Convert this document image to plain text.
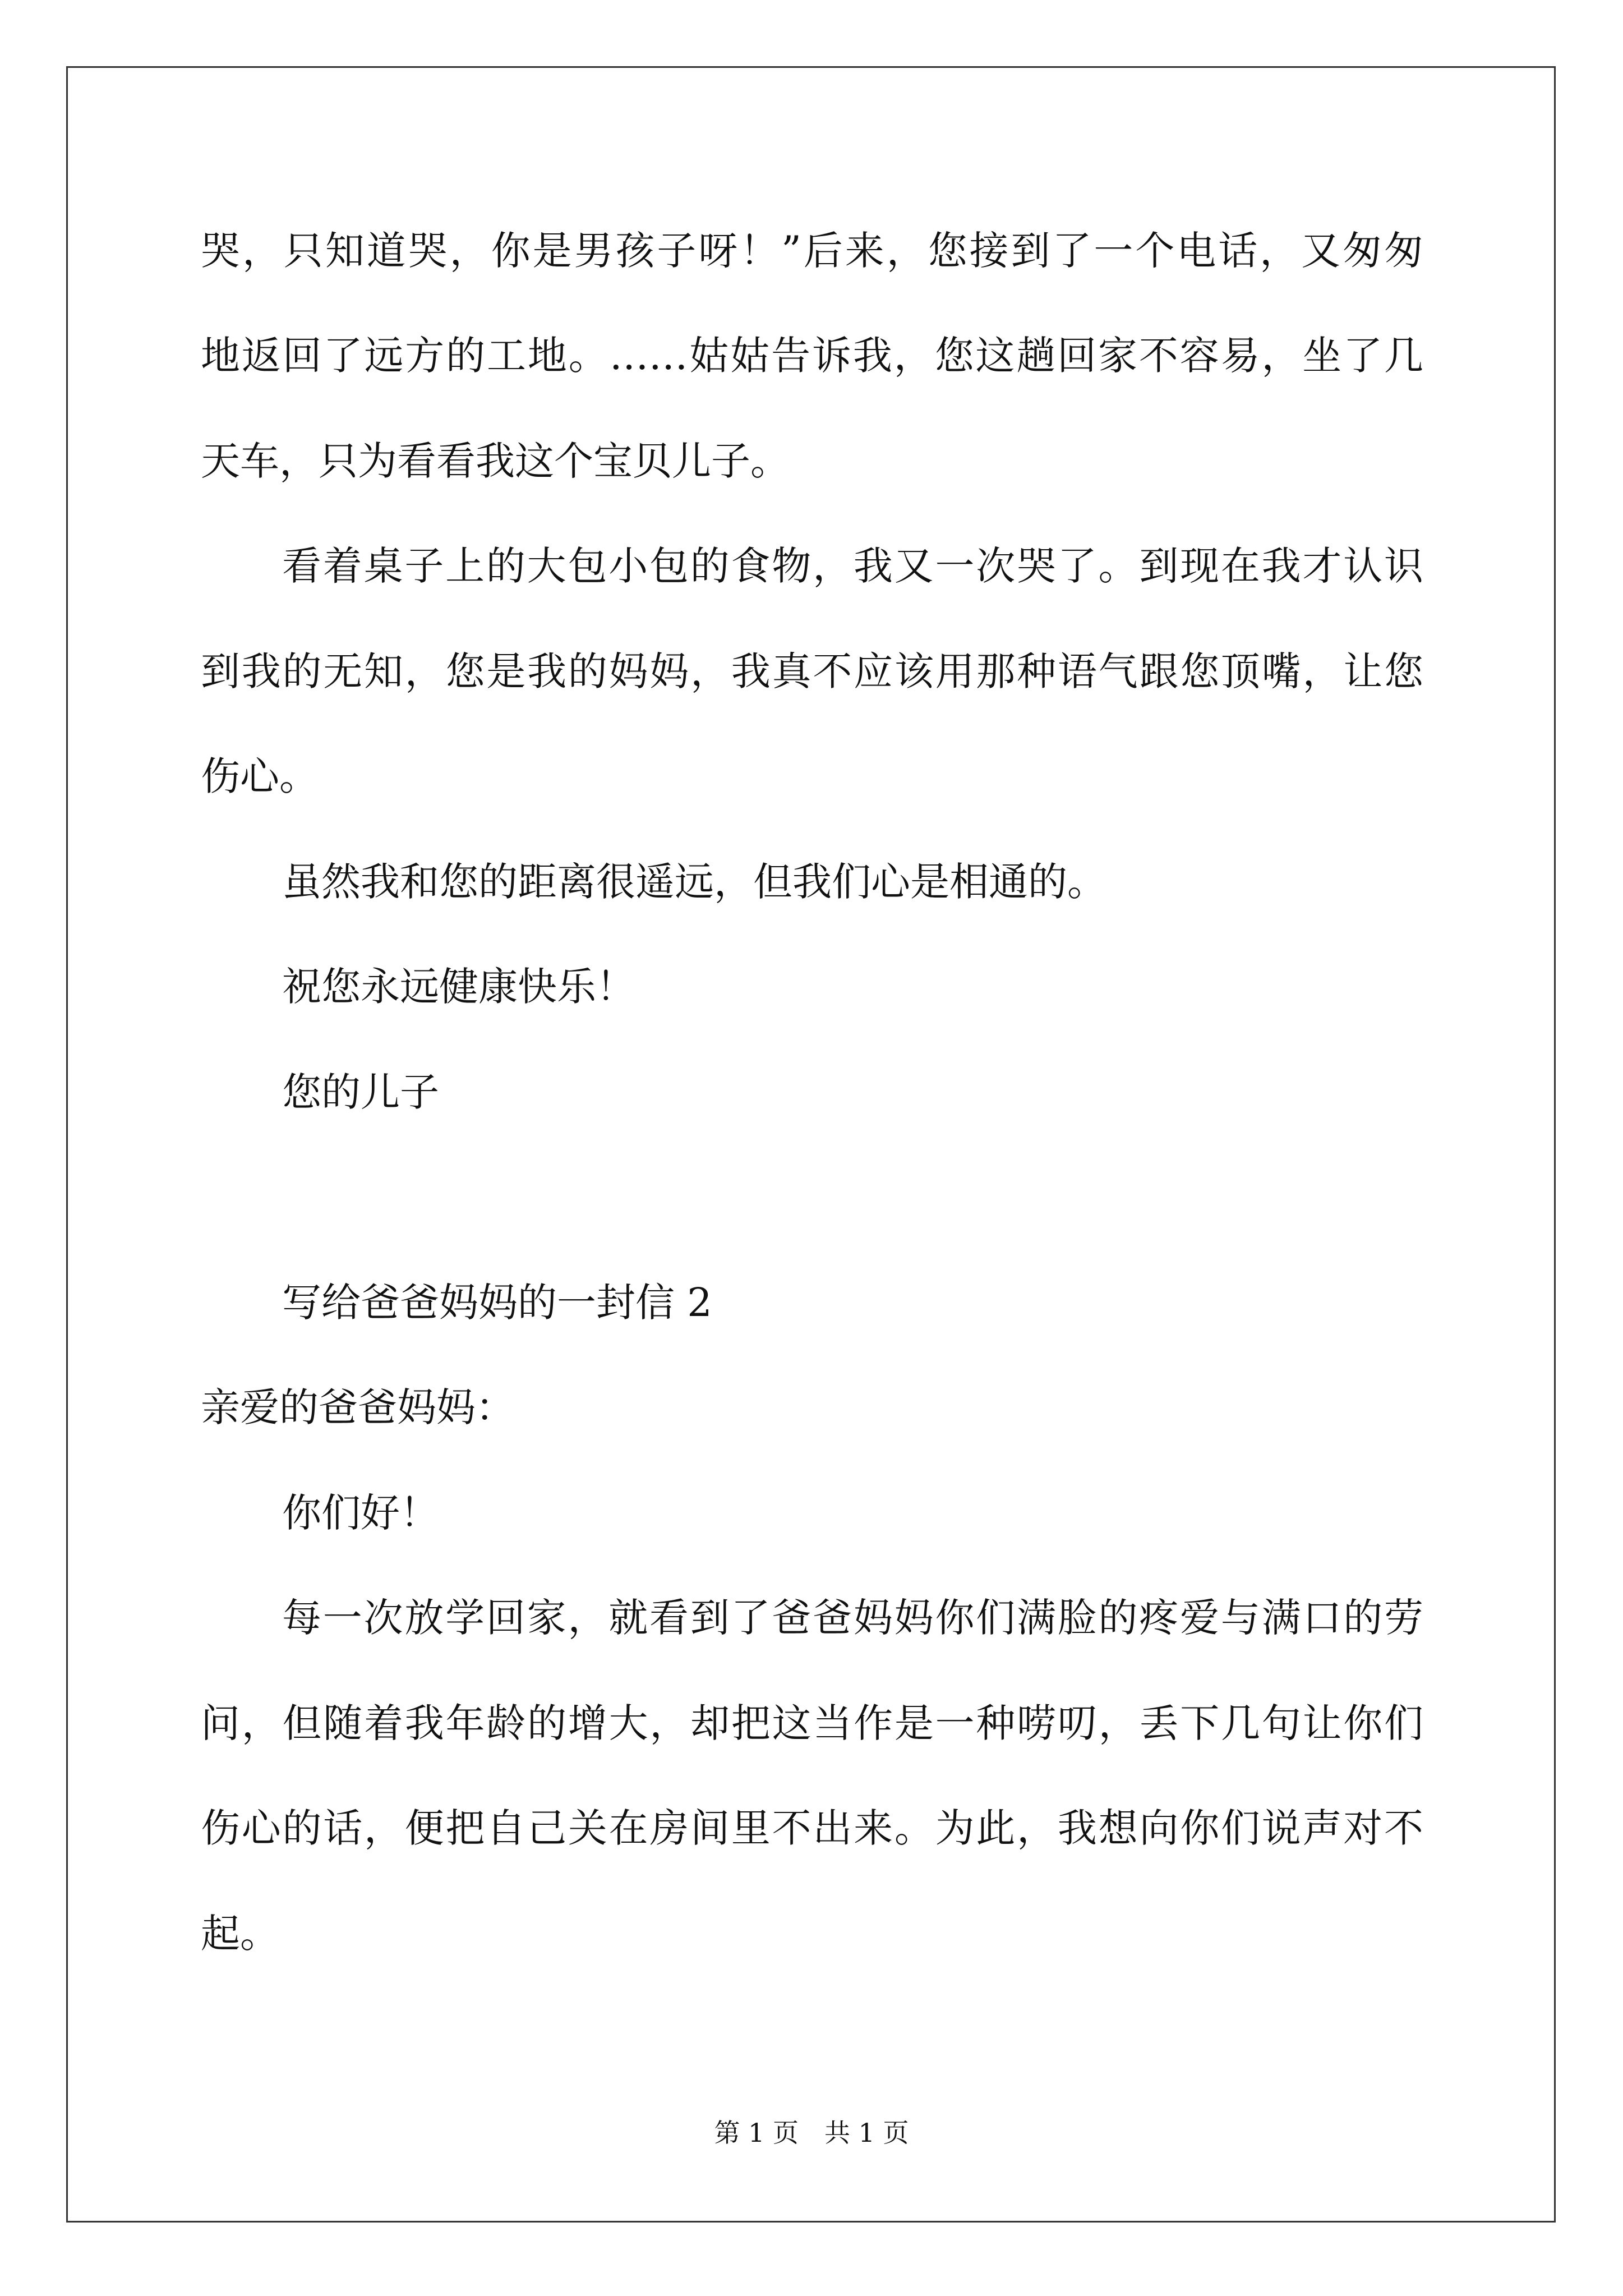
哭，只知道哭，你是男孩子呀！”后来，您接到了一个电话，又匆匆
地返回了远方的工地。……姑姑告诉我，您这趟回家不容易，坐了几
天车，只为看看我这个宝贝儿子。
看着桌子上的大包小包的食物，我又一次哭了。到现在我才认识
到我的无知，您是我的妈妈，我真不应该用那种语气跟您顶嘴，让您
伤心。
虽然我和您的距离很遥远，但我们心是相通的。
祝您永远健康快乐！
您的儿子
写给爸爸妈妈的一封信 2
亲爱的爸爸妈妈：
你们好！
每一次放学回家，就看到了爸爸妈妈你们满脸的疼爱与满口的劳
问，但随着我年龄的增大，却把这当作是一种唠叨，丢下几句让你们
伤心的话，便把自己关在房间里不出来。为此，我想向你们说声对不
起。
第 1 页　共 1 页
